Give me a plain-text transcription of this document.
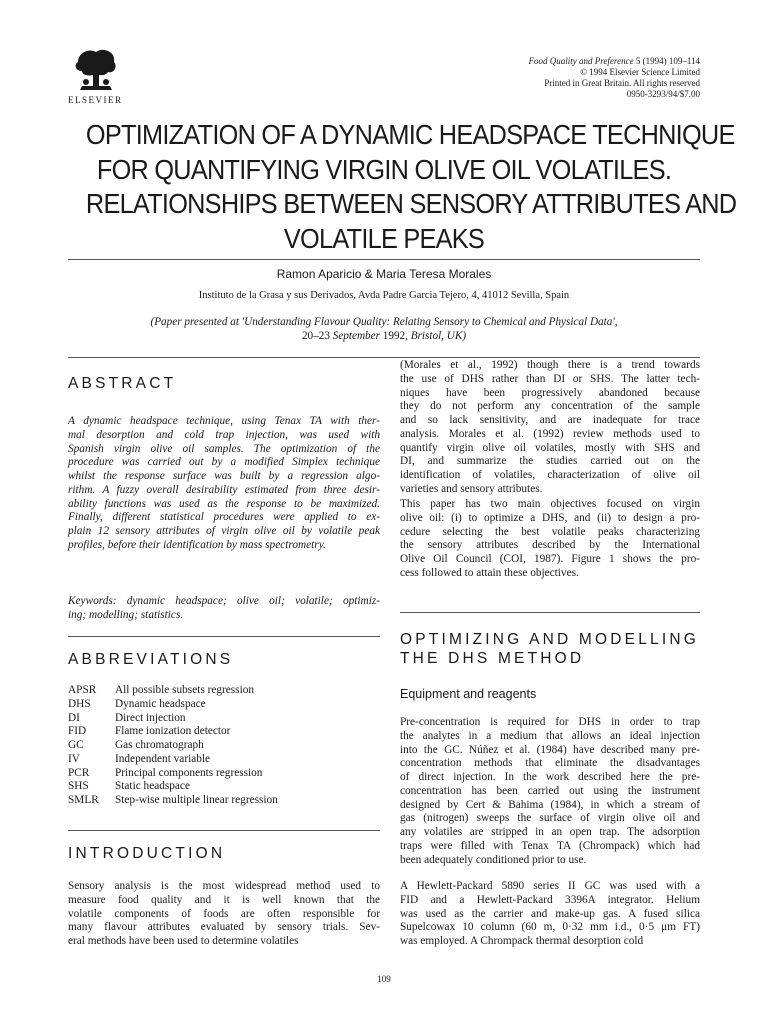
ELSEVIER
Food Quality and Preference 5 (1994) 109–114
© 1994 Elsevier Science Limited
Printed in Great Britain. All rights reserved
0950-3293/94/$7.00
OPTIMIZATION OF A DYNAMIC HEADSPACE TECHNIQUE
FOR QUANTIFYING VIRGIN OLIVE OIL VOLATILES.
RELATIONSHIPS BETWEEN SENSORY ATTRIBUTES AND
VOLATILE PEAKS
Ramon Aparicio & Maria Teresa Morales
Instituto de la Grasa y sus Derivados, Avda Padre Garcia Tejero, 4, 41012 Sevilla, Spain
(Paper presented at 'Understanding Flavour Quality: Relating Sensory to Chemical and Physical Data',
20–23 September 1992, Bristol, UK)
ABSTRACT
A dynamic headspace technique, using Tenax TA with ther-
mal desorption and cold trap injection, was used with
Spanish virgin olive oil samples. The optimization of the
procedure was carried out by a modified Simplex technique
whilst the response surface was built by a regression algo-
rithm. A fuzzy overall desirability estimated from three desir-
ability functions was used as the response to be maximized.
Finally, different statistical procedures were applied to ex-
plain 12 sensory attributes of virgin olive oil by volatile peak
profiles, before their identification by mass spectrometry.
Keywords: dynamic headspace; olive oil; volatile; optimiz-
ing; modelling; statistics.
ABBREVIATIONS
APSR	All possible subsets regression
DHS	Dynamic headspace
DI	Direct injection
FID	Flame ionization detector
GC	Gas chromatograph
IV	Independent variable
PCR	Principal components regression
SHS	Static headspace
SMLR	Step-wise multiple linear regression
INTRODUCTION
Sensory analysis is the most widespread method used to
measure food quality and it is well known that the
volatile components of foods are often responsible for
many flavour attributes evaluated by sensory trials. Sev-
eral methods have been used to determine volatiles
(Morales et al., 1992) though there is a trend towards
the use of DHS rather than DI or SHS. The latter tech-
niques have been progressively abandoned because
they do not perform any concentration of the sample
and so lack sensitivity, and are inadequate for trace
analysis. Morales et al. (1992) review methods used to
quantify virgin olive oil volatiles, mostly with SHS and
DI, and summarize the studies carried out on the
identification of volatiles, characterization of olive oil
varieties and sensory attributes.
This paper has two main objectives focused on virgin
olive oil: (i) to optimize a DHS, and (ii) to design a pro-
cedure selecting the best volatile peaks characterizing
the sensory attributes described by the International
Olive Oil Council (COI, 1987). Figure 1 shows the pro-
cess followed to attain these objectives.
OPTIMIZING AND MODELLING
THE DHS METHOD
Equipment and reagents
Pre-concentration is required for DHS in order to trap
the analytes in a medium that allows an ideal injection
into the GC. Núñez et al. (1984) have described many pre-
concentration methods that eliminate the disadvantages
of direct injection. In the work described here the pre-
concentration has been carried out using the instrument
designed by Cert & Bahima (1984), in which a stream of
gas (nitrogen) sweeps the surface of virgin olive oil and
any volatiles are stripped in an open trap. The adsorption
traps were filled with Tenax TA (Chrompack) which had
been adequately conditioned prior to use.
A Hewlett-Packard 5890 series II GC was used with a
FID and a Hewlett-Packard 3396A integrator. Helium
was used as the carrier and make-up gas. A fused silica
Supelcowax 10 column (60 m, 0·32 mm i.d., 0·5 μm FT)
was employed. A Chrompack thermal desorption cold
109
